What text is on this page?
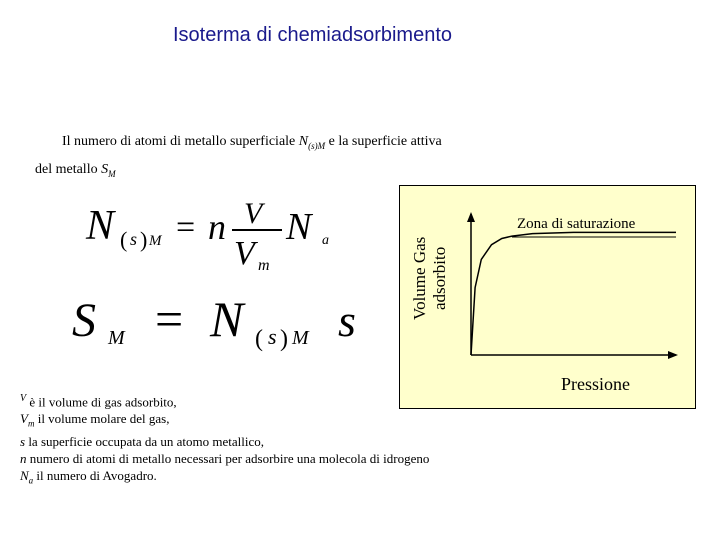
Isoterma di chemiadsorbimento
Il numero di atomi di metallo superficiale $N_{(s)M}$ e la superficie attiva
del metallo $S_M$
N ( s ) M = n V
V m
N a
S M = N ( s ) M s
$^V$ è il volume di gas adsorbito,
$V_m$ il volume molare del gas,
s la superficie occupata da un atomo metallico,
n numero di atomi di metallo necessari per adsorbire una molecola di idrogeno
$N_a$ il numero di Avogadro.
Volume Gas adsorbito
Zona di saturazione
Pressione
